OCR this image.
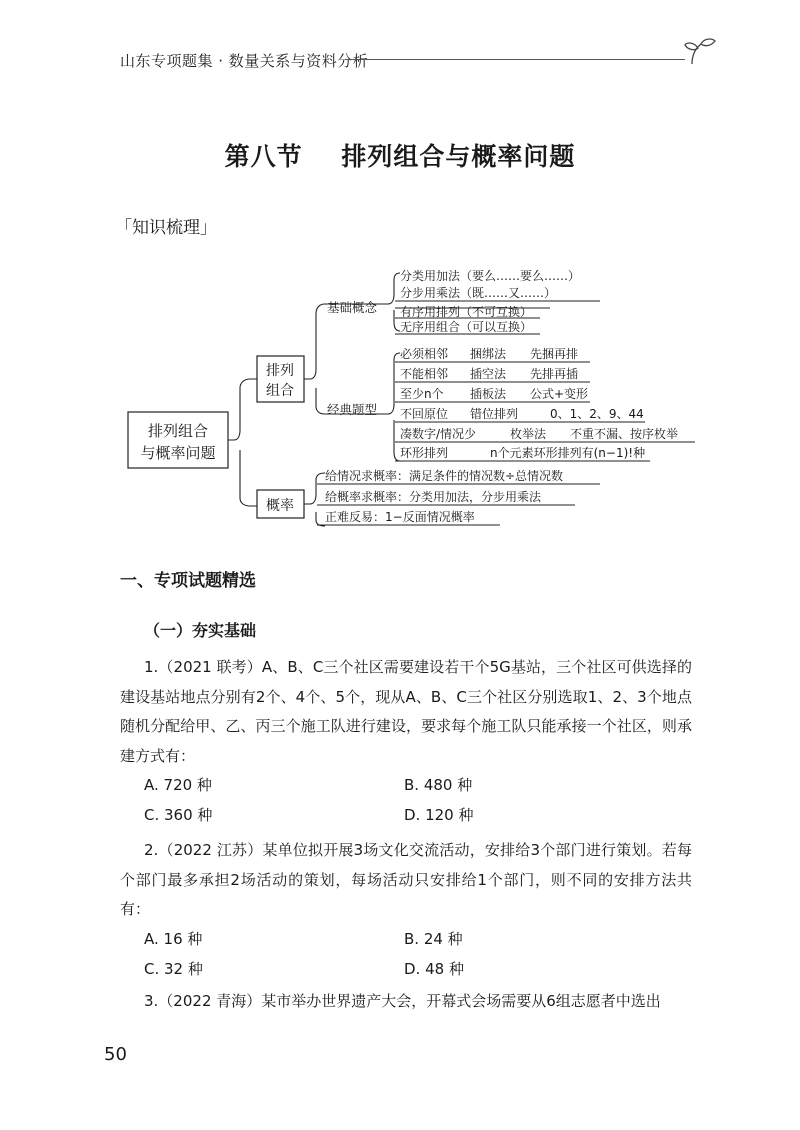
山东专项题集 · 数量关系与资料分析
第八节    排列组合与概率问题
「知识梳理」
排列组合
与概率问题
排列
组合
概率
基础概念
经典题型
分类用加法（要么……要么……）
分步用乘法（既……又……）
有序用排列（不可互换）
无序用组合（可以互换）
必须相邻 捆绑法 先捆再排
不能相邻 插空法 先排再插
至少n个 插板法 公式+变形
不回原位 错位排列	0、1、2、9、44
凑数字/情况少	枚举法 不重不漏、按序枚举
环形排列	n个元素环形排列有(n−1)!种
给情况求概率：满足条件的情况数÷总情况数
给概率求概率：分类用加法，分步用乘法
正难反易：1−反面情况概率
一、专项试题精选
（一）夯实基础
1.（2021 联考）A、B、C三个社区需要建设若干个5G基站，三个社区可供选择的建设基站地点分别有2个、4个、5个，现从A、B、C三个社区分别选取1、2、3个地点随机分配给甲、乙、丙三个施工队进行建设，要求每个施工队只能承接一个社区，则承建方式有：
A. 720 种	B. 480 种
C. 360 种	D. 120 种
2.（2022 江苏）某单位拟开展3场文化交流活动，安排给3个部门进行策划。若每个部门最多承担2场活动的策划，每场活动只安排给1个部门，则不同的安排方法共有：
A. 16 种	B. 24 种
C. 32 种	D. 48 种
3.（2022 青海）某市举办世界遗产大会，开幕式会场需要从6组志愿者中选出
50
